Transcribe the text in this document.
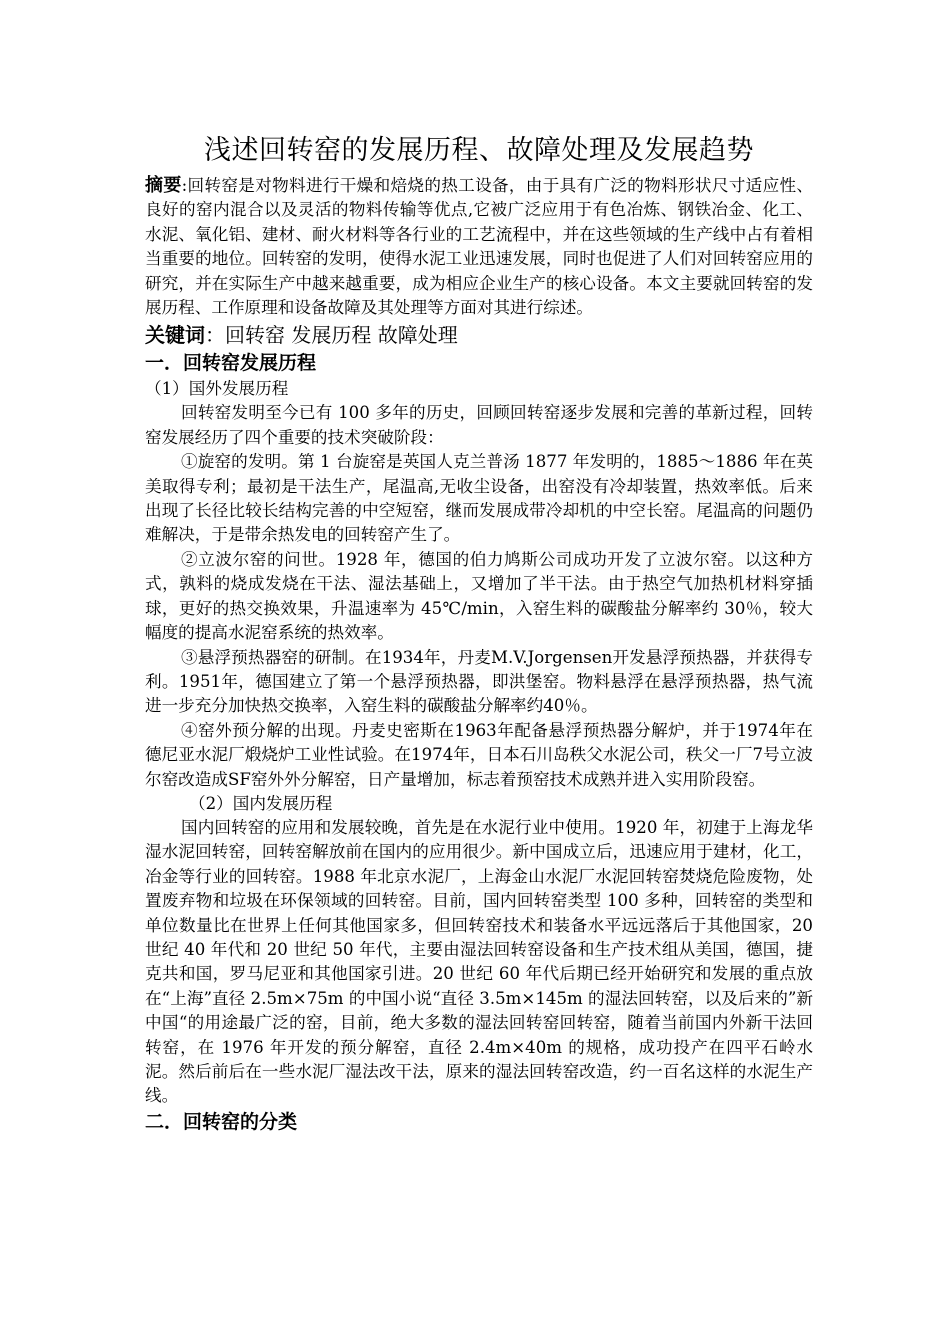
浅述回转窑的发展历程、故障处理及发展趋势

摘要:回转窑是对物料进行干燥和焙烧的热工设备，由于具有广泛的物料形状尺寸适应性、良好的窑内混合以及灵活的物料传输等优点,它被广泛应用于有色冶炼、钢铁冶金、化工、水泥、氧化铝、建材、耐火材料等各行业的工艺流程中，并在这些领域的生产线中占有着相当重要的地位。回转窑的发明，使得水泥工业迅速发展，同时也促进了人们对回转窑应用的研究，并在实际生产中越来越重要，成为相应企业生产的核心设备。本文主要就回转窑的发展历程、工作原理和设备故障及其处理等方面对其进行综述。

关键词：回转窑 发展历程 故障处理

一．回转窑发展历程

（1）国外发展历程

回转窑发明至今已有 100 多年的历史，回顾回转窑逐步发展和完善的革新过程，回转窑发展经历了四个重要的技术突破阶段：

①旋窑的发明。第 1 台旋窑是英国人克兰普汤 1877 年发明的，1885～1886 年在英美取得专利；最初是干法生产，尾温高,无收尘设备，出窑没有冷却装置，热效率低。后来出现了长径比较长结构完善的中空短窑，继而发展成带冷却机的中空长窑。尾温高的问题仍难解决，于是带余热发电的回转窑产生了。

②立波尔窑的问世。1928 年，德国的伯力鸠斯公司成功开发了立波尔窑。以这种方式，孰料的烧成发烧在干法、湿法基础上，又增加了半干法。由于热空气加热机材料穿插球，更好的热交换效果，升温速率为 45℃/min，入窑生料的碳酸盐分解率约 30％，较大幅度的提高水泥窑系统的热效率。

③悬浮预热器窑的研制。在1934年，丹麦M.V.Jorgensen开发悬浮预热器，并获得专利。1951年，德国建立了第一个悬浮预热器，即洪堡窑。物料悬浮在悬浮预热器，热气流进一步充分加快热交换率，入窑生料的碳酸盐分解率约40％。

④窑外预分解的出现。丹麦史密斯在1963年配备悬浮预热器分解炉，并于1974年在德尼亚水泥厂煅烧炉工业性试验。在1974年，日本石川岛秩父水泥公司，秩父一厂7号立波尔窑改造成SF窑外外分解窑，日产量增加，标志着预窑技术成熟并进入实用阶段窑。

（2）国内发展历程

国内回转窑的应用和发展较晚，首先是在水泥行业中使用。1920 年，初建于上海龙华湿水泥回转窑，回转窑解放前在国内的应用很少。新中国成立后，迅速应用于建材，化工，冶金等行业的回转窑。1988 年北京水泥厂，上海金山水泥厂水泥回转窑焚烧危险废物，处置废弃物和垃圾在环保领域的回转窑。目前，国内回转窑类型 100 多种，回转窑的类型和单位数量比在世界上任何其他国家多，但回转窑技术和装备水平远远落后于其他国家，20 世纪 40 年代和 20 世纪 50 年代，主要由湿法回转窑设备和生产技术组从美国，德国，捷克共和国，罗马尼亚和其他国家引进。20 世纪 60 年代后期已经开始研究和发展的重点放在“上海”直径 2.5m×75m 的中国小说“直径 3.5m×145m 的湿法回转窑，以及后来的”新中国“的用途最广泛的窑，目前，绝大多数的湿法回转窑回转窑，随着当前国内外新干法回转窑，在 1976 年开发的预分解窑，直径 2.4m×40m 的规格，成功投产在四平石岭水泥。然后前后在一些水泥厂湿法改干法，原来的湿法回转窑改造，约一百名这样的水泥生产线。

二．回转窑的分类
